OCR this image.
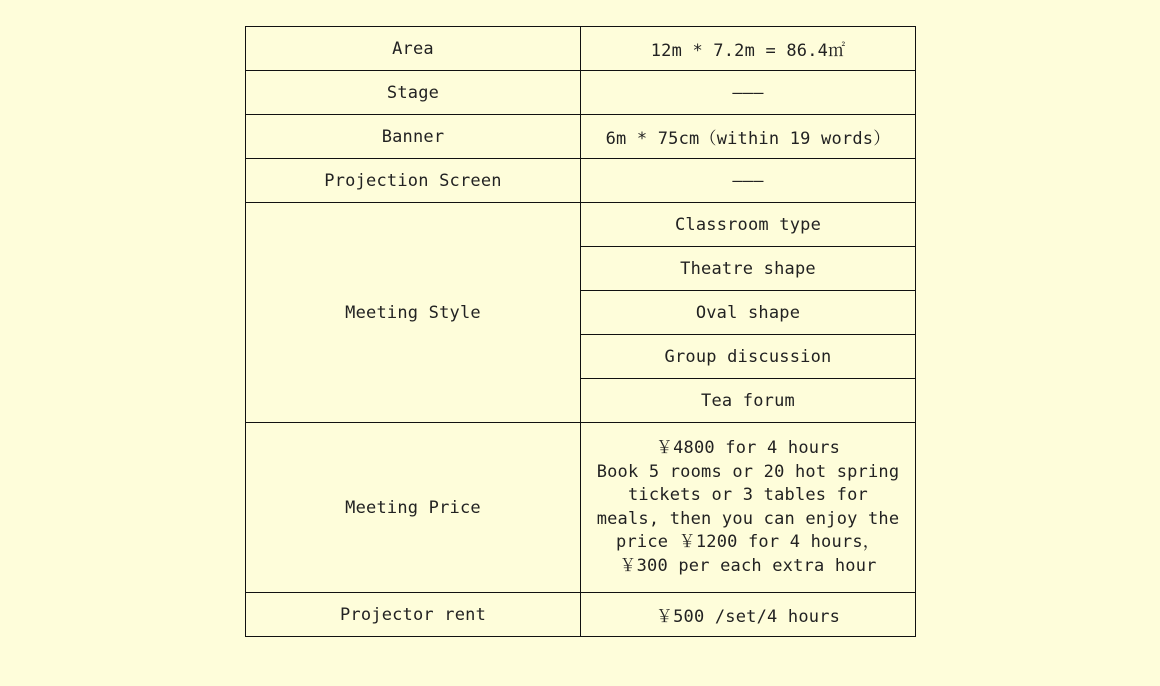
Area	12m * 7.2m = 86.4㎡
Stage	———
Banner	6m * 75cm（within 19 words）
Projection Screen	———
Meeting Style	Classroom type
	Theatre shape
	Oval shape
	Group discussion
	Tea forum
Meeting Price	￥4800 for 4 hours
Book 5 rooms or 20 hot spring tickets or 3 tables for meals, then you can enjoy the price ￥1200 for 4 hours，￥300 per each extra hour

Projector rent	￥500 /set/4 hours
